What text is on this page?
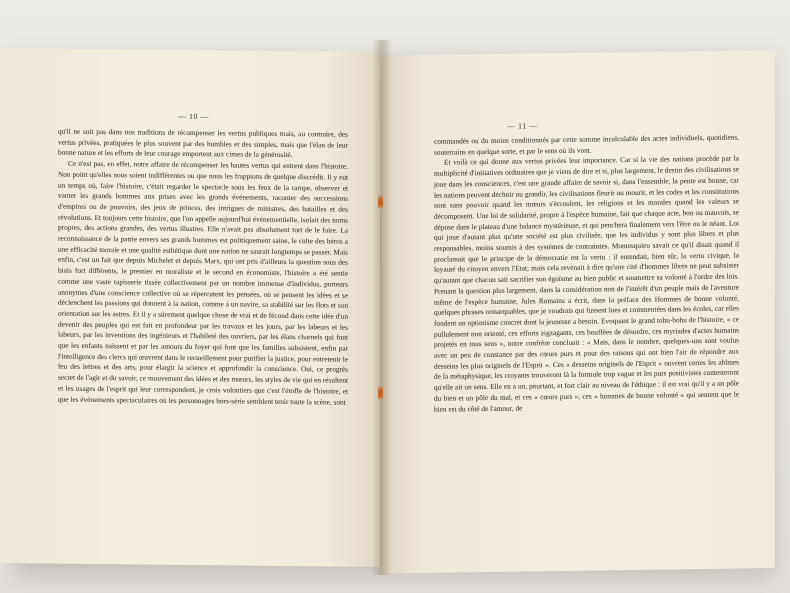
— 10 —

qu'il ne soit pas dans nos traditions de récompenser les vertus publiques mais, au contraire, des vertus privées, pratiquées le plus souvent par des humbles et des simples, mais que l'élan de leur bonne nature et les efforts de leur courage emportent aux cimes de la générosité.

Ce n'est pas, en effet, notre affaire de récompenser les hautes vertus qui entrent dans l'histoire. Non point qu'elles nous soient indifférentes ou que nous les frappions de quelque discrédit. Il y eut un temps où, faire l'histoire, c'était regarder le spectacle sous les feux de la rampe, observer et vanter les grands hommes aux prises avec les grands événements, raconter des successions d'empires ou de pouvoirs, des jeux de princes, des intrigues de ministres, des batailles et des révolutions. Et toujours cette histoire, que l'on appelle aujourd'hui événementielle, isolait des noms propres, des actions grandes, des vertus illustres. Elle n'avait pas absolument tort de le faire. La reconnaissance de la patrie envers ses grands hommes est politiquement saine, le culte des héros a une efficacité morale et une qualité esthétique dont une nation ne saurait longtemps se passer. Mais enfin, c'est un fait que depuis Michelet et depuis Marx, qui ont pris d'ailleurs la question sous des biais fort différents, le premier en moraliste et le second en économiste, l'histoire a été sentie comme une vaste tapisserie tissée collectivement par un nombre immense d'individus, porteurs anonymes d'une conscience collective où se répercutent les pensées, où se pensent les idées et se déclenchent les passions qui donnent à la nation, comme à un navire, sa stabilité sur les flots et son orientation sur les astres. Et il y a sûrement quelque chose de vrai et de fécond dans cette idée d'un devenir des peuples qui est fait en profondeur par les travaux et les jours, par les labeurs et les labeurs, par les inventions des ingénieurs et l'habileté des ouvriers, par les élans charnels qui font que les enfants naissent et par les amours du foyer qui font que les familles subsistent, enfin par l'intelligence des clercs qui œuvrent dans le recueillement pour purifier la justice, pour entretenir le feu des lettres et des arts, pour élargir la science et approfondir la conscience. Oui, ce progrès secret de l'agir et du savoir, ce mouvement des idées et des mœurs, les styles de vie qui en résultent et les usages de l'esprit qui leur correspondent, je crois volontiers que c'est l'étoffe de l'histoire, et que les événements spectaculaires où les personnages hors-série semblent tenir toute la scène, sont

— 11 —

commandés ou du moins conditionnés par cette somme incalculable des actes individuels, quotidiens, souterrains en quelque sorte, et par le sens où ils vont.

Et voilà ce qui donne aux vertus privées leur importance. Car si la vie des nations procède par la multiplicité d'initiatives ordinaires que je viens de dire et si, plus largement, le destin des civilisations se joue dans les consciences, c'est une grande affaire de savoir si, dans l'ensemble, la pente est bonne, car les nations peuvent déchoir ou grandir, les civilisations fleurir ou mourir, et les codes et les constitutions sont sans pouvoir quand les mœurs s'écroulent, les religions et les morales quand les valeurs se décomposent. Une loi de solidarité, propre à l'espèce humaine, fait que chaque acte, bon ou mauvais, se dépose dans le plateau d'une balance mystérieuse, et qui penchera finalement vers l'être ou le néant. Loi qui joue d'autant plus qu'une société est plus civilisée, que les individus y sont plus libres et plus responsables, moins soumis à des systèmes de contraintes. Montesquieu savait ce qu'il disait quand il proclamait que le principe de la démocratie est la vertu : il entendait, bien sûr, la vertu civique, la loyauté du citoyen envers l'Etat; mais cela revenait à dire qu'une cité d'hommes libres ne peut subsister qu'autant que chacun sait sacrifier son égoïsme au bien public et soumettre sa volonté à l'ordre des lois. Prenant la question plus largement, dans la considération non de l'intérêt d'un peuple mais de l'aventure même de l'espèce humaine, Jules Romains a écrit, dans la préface des Hommes de bonne volonté, quelques phrases remarquables, que je voudrais qui fussent lues et commentées dans les écoles, car elles fondent un optimisme concret dont la jeunesse a besoin. Evoquant le grand tohu-bohu de l'histoire, « ce pullulement non orienté, ces efforts zigzagants, ces bouffées de désordre, ces myriades d'actes humains projetés en tous sens », notre confrère concluait : « Mais, dans le nombre, quelques-uns sont voulus avec un peu de constance par des cœurs purs et pour des raisons qui ont bien l'air de répondre aux desseins les plus originels de l'Esprit ». Ces « desseins originels de l'Esprit » ouvrent certes les abîmes de la métaphysique, les croyants trouveront là la formule trop vague et les purs positivistes contesteront qu'elle ait un sens. Elle en a un, pourtant, et fort clair au niveau de l'éthique : il est vrai qu'il y a un pôle du bien et un pôle du mal, et ces « cœurs purs », ces « hommes de bonne volonté » qui sentent que le bien est du côté de l'amour, de
